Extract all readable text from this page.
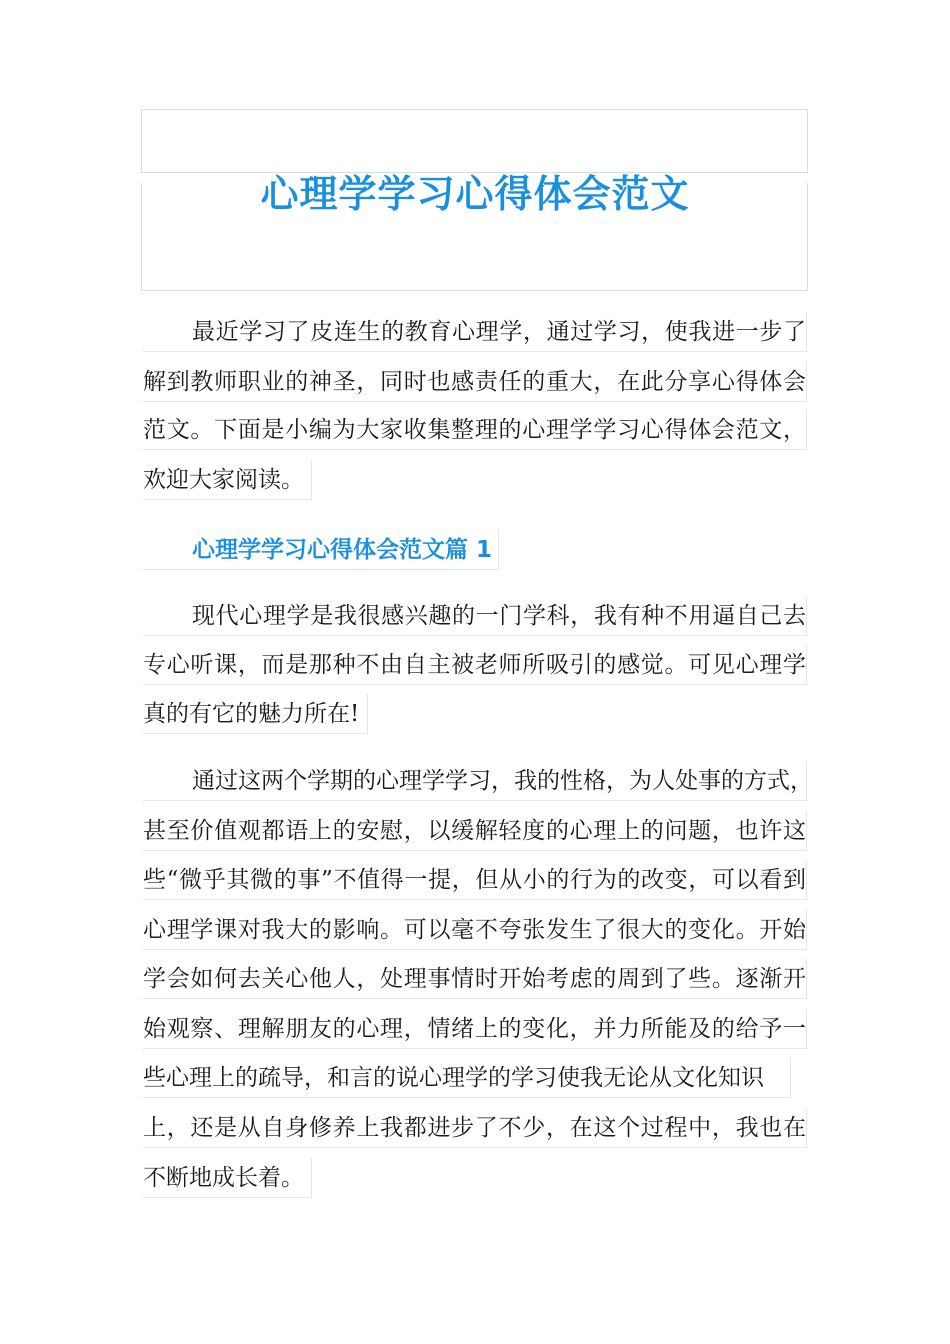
心理学学习心得体会范文
最近学习了皮连生的教育心理学，通过学习，使我进一步了
解到教师职业的神圣，同时也感责任的重大，在此分享心得体会
范文。下面是小编为大家收集整理的心理学学习心得体会范文，
欢迎大家阅读。
心理学学习心得体会范文篇 1
现代心理学是我很感兴趣的一门学科，我有种不用逼自己去
专心听课，而是那种不由自主被老师所吸引的感觉。可见心理学
真的有它的魅力所在!
通过这两个学期的心理学学习，我的性格，为人处事的方式，
甚至价值观都语上的安慰，以缓解轻度的心理上的问题，也许这
些“微乎其微的事”不值得一提，但从小的行为的改变，可以看到
心理学课对我大的影响。可以毫不夸张发生了很大的变化。开始
学会如何去关心他人，处理事情时开始考虑的周到了些。逐渐开
始观察、理解朋友的心理，情绪上的变化，并力所能及的给予一
些心理上的疏导，和言的说心理学的学习使我无论从文化知识
上，还是从自身修养上我都进步了不少，在这个过程中，我也在
不断地成长着。
